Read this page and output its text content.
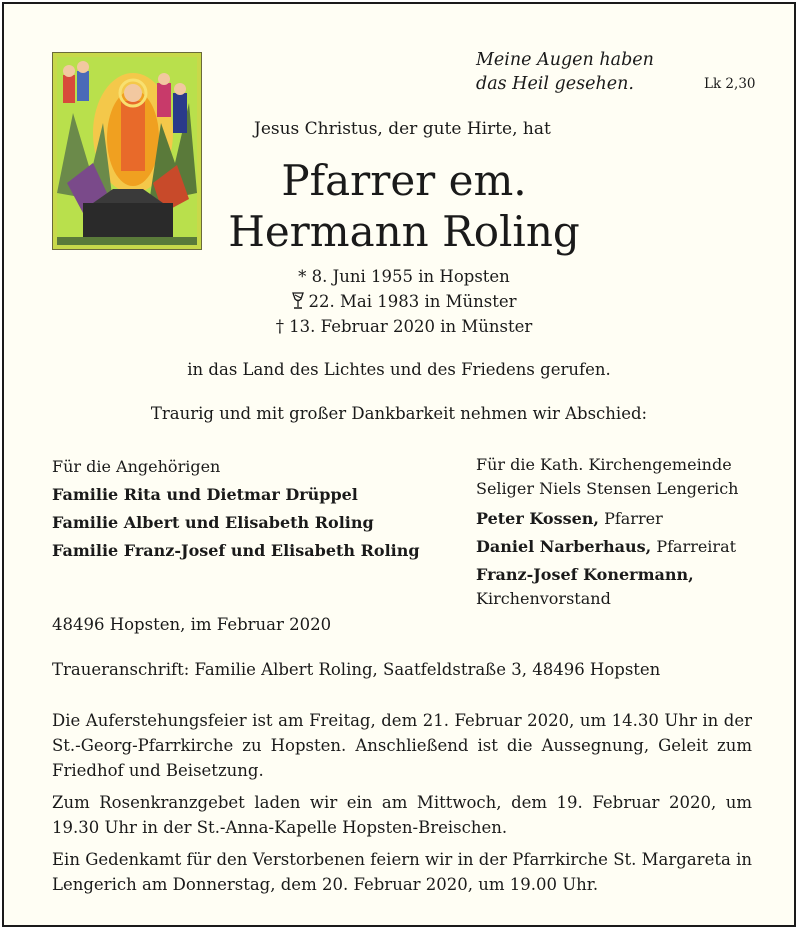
Meine Augen haben
das Heil gesehen.	Lk 2,30
Jesus Christus, der gute Hirte, hat
Pfarrer em.
Hermann Roling
* 8. Juni 1955 in Hopsten
22. Mai 1983 in Münster
† 13. Februar 2020 in Münster
in das Land des Lichtes und des Friedens gerufen.
Traurig und mit großer Dankbarkeit nehmen wir Abschied:
Für die Angehörigen
Familie Rita und Dietmar Drüppel
Familie Albert und Elisabeth Roling
Familie Franz-Josef und Elisabeth Roling
Für die Kath. Kirchengemeinde
Seliger Niels Stensen Lengerich
Peter Kossen, Pfarrer
Daniel Narberhaus, Pfarreirat
Franz-Josef Konermann,
Kirchenvorstand
48496 Hopsten, im Februar 2020
Traueranschrift: Familie Albert Roling, Saatfeldstraße 3, 48496 Hopsten
Die Auferstehungsfeier ist am Freitag, dem 21. Februar 2020, um 14.30 Uhr in der St.-Georg-Pfarrkirche zu Hopsten. Anschließend ist die Aussegnung, Geleit zum Friedhof und Beisetzung.
Zum Rosenkranzgebet laden wir ein am Mittwoch, dem 19. Februar 2020, um 19.30 Uhr in der St.-Anna-Kapelle Hopsten-Breischen.
Ein Gedenkamt für den Verstorbenen feiern wir in der Pfarrkirche St. Margareta in Lengerich am Donnerstag, dem 20. Februar 2020, um 19.00 Uhr.
